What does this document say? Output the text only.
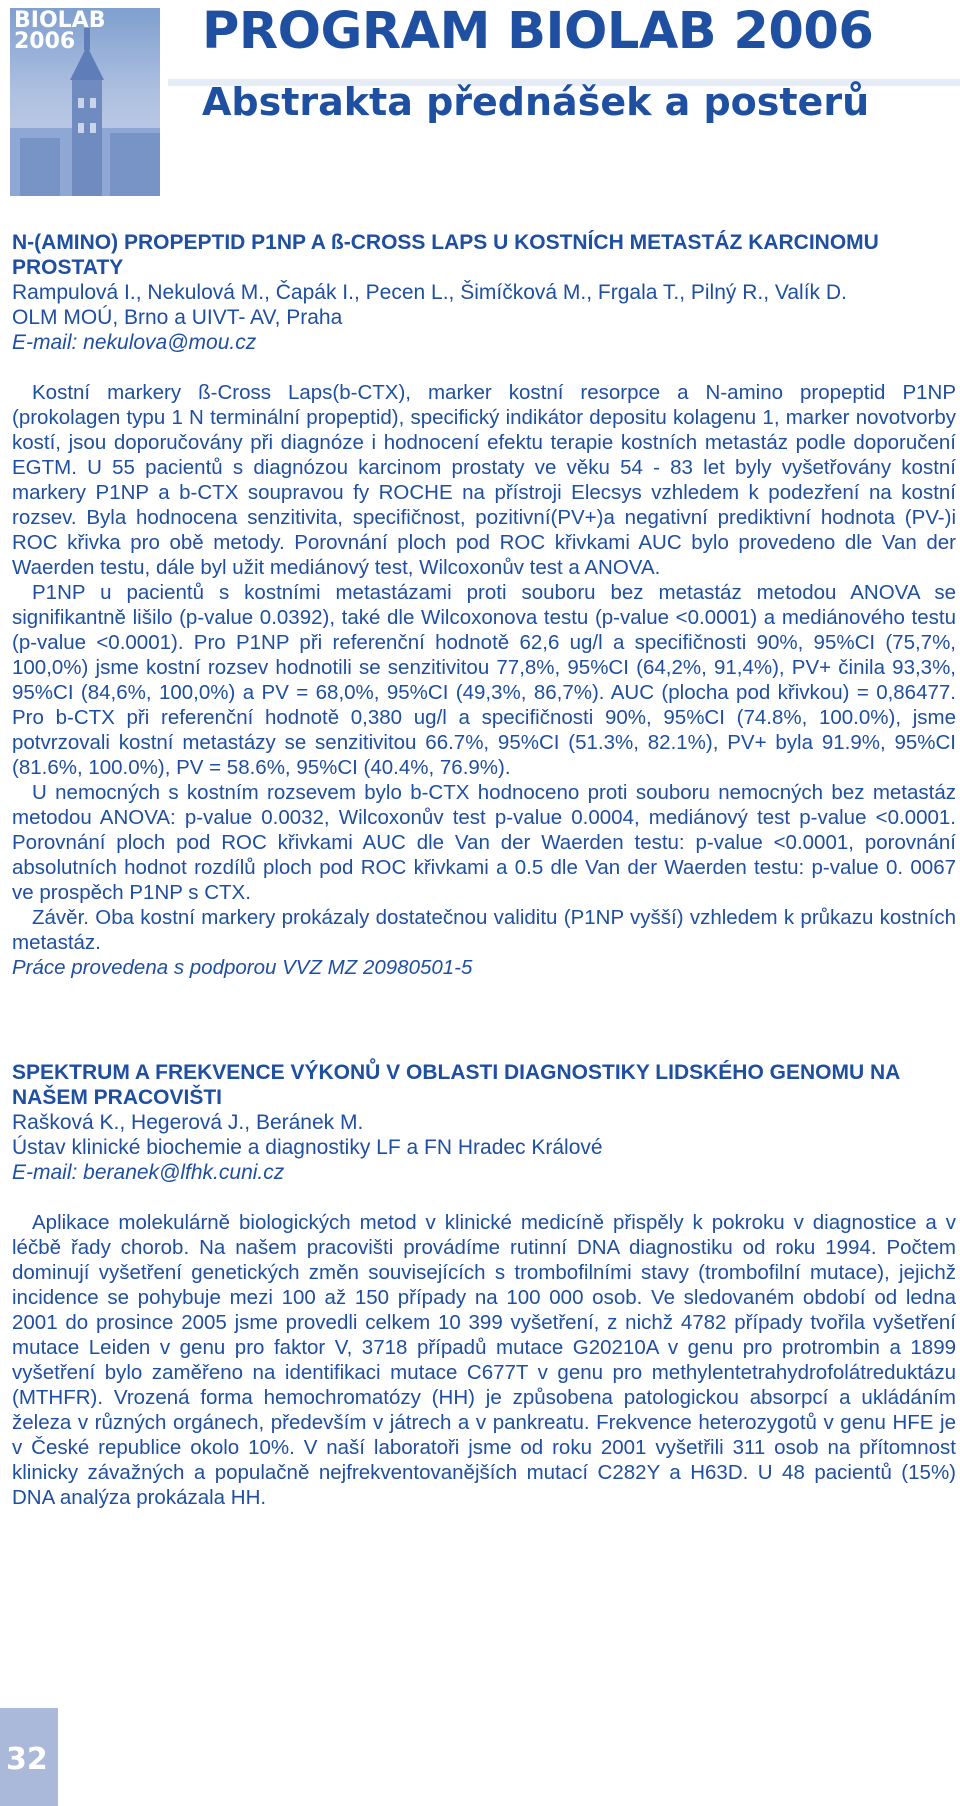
BIOLAB
2006	PROGRAM BIOLAB 2006
Abstrakta přednášek a posterů

N-(AMINO) PROPEPTID P1NP A ß-CROSS LAPS U KOSTNÍCH METASTÁZ KARCINOMU PROSTATY

Rampulová I., Nekulová M., Čapák I., Pecen L., Šimíčková M., Frgala T., Pilný R., Valík D.

OLM MOÚ, Brno a UIVT- AV, Praha

E-mail: nekulova@mou.cz

Kostní markery ß-Cross Laps(b-CTX), marker kostní resorpce a N-amino propeptid P1NP (prokolagen typu 1 N terminální propeptid), specifický indikátor depositu kolagenu 1, marker novotvorby kostí, jsou doporučovány při diagnóze i hodnocení efektu terapie kostních metastáz podle doporučení EGTM. U 55 pacientů s diagnózou karcinom prostaty ve věku 54 - 83 let byly vyšetřovány kostní markery P1NP a b-CTX soupravou fy ROCHE na přístroji Elecsys vzhledem k podezření na kostní rozsev. Byla hodnocena senzitivita, specifičnost, pozitivní(PV+)a negativní prediktivní hodnota (PV-)i ROC křivka pro obě metody. Porovnání ploch pod ROC křivkami AUC bylo provedeno dle Van der Waerden testu, dále byl užit mediánový test, Wilcoxonův test a ANOVA.

P1NP u pacientů s kostními metastázami proti souboru bez metastáz metodou ANOVA se signifikantně lišilo (p-value 0.0392), také dle Wilcoxonova testu (p-value <0.0001) a mediánového testu (p-value <0.0001). Pro P1NP při referenční hodnotě 62,6 ug/l a specifičnosti 90%, 95%CI (75,7%, 100,0%) jsme kostní rozsev hodnotili se senzitivitou 77,8%, 95%CI (64,2%, 91,4%), PV+ činila 93,3%, 95%CI (84,6%, 100,0%) a PV = 68,0%, 95%CI (49,3%, 86,7%). AUC (plocha pod křivkou) = 0,86477. Pro b-CTX při referenční hodnotě 0,380 ug/l a specifičnosti 90%, 95%CI (74.8%, 100.0%), jsme potvrzovali kostní metastázy se senzitivitou 66.7%, 95%CI (51.3%, 82.1%), PV+ byla 91.9%, 95%CI (81.6%, 100.0%), PV = 58.6%, 95%CI (40.4%, 76.9%).

U nemocných s kostním rozsevem bylo b-CTX hodnoceno proti souboru nemocných bez metastáz metodou ANOVA: p-value 0.0032, Wilcoxonův test p-value 0.0004, mediánový test p-value <0.0001. Porovnání ploch pod ROC křivkami AUC dle Van der Waerden testu: p-value <0.0001, porovnání absolutních hodnot rozdílů ploch pod ROC křivkami a 0.5 dle Van der Waerden testu: p-value 0. 0067 ve prospěch P1NP s CTX.

Závěr. Oba kostní markery prokázaly dostatečnou validitu (P1NP vyšší) vzhledem k průkazu kostních metastáz.

Práce provedena s podporou VVZ MZ 20980501-5

SPEKTRUM A FREKVENCE VÝKONŮ V OBLASTI DIAGNOSTIKY LIDSKÉHO GENOMU NA NAŠEM PRACOVIŠTI

Rašková K., Hegerová J., Beránek M.

Ústav klinické biochemie a diagnostiky LF a FN Hradec Králové

E-mail: beranek@lfhk.cuni.cz

Aplikace molekulárně biologických metod v klinické medicíně přispěly k pokroku v diagnostice a v léčbě řady chorob. Na našem pracovišti provádíme rutinní DNA diagnostiku od roku 1994. Počtem dominují vyšetření genetických změn souvisejících s trombofilními stavy (trombofilní mutace), jejichž incidence se pohybuje mezi 100 až 150 případy na 100 000 osob. Ve sledovaném období od ledna 2001 do prosince 2005 jsme provedli celkem 10 399 vyšetření, z nichž 4782 případy tvořila vyšetření mutace Leiden v genu pro faktor V, 3718 případů mutace G20210A v genu pro protrombin a 1899 vyšetření bylo zaměřeno na identifikaci mutace C677T v genu pro methylentetrahydrofolátreduktázu (MTHFR). Vrozená forma hemochromatózy (HH) je způsobena patologickou absorpcí a ukládáním železa v různých orgánech, především v játrech a v pankreatu. Frekvence heterozygotů v genu HFE je v České republice okolo 10%. V naší laboratoři jsme od roku 2001 vyšetřili 311 osob na přítomnost klinicky závažných a populačně nejfrekventovanějších mutací C282Y a H63D. U 48 pacientů (15%) DNA analýza prokázala HH.

32
